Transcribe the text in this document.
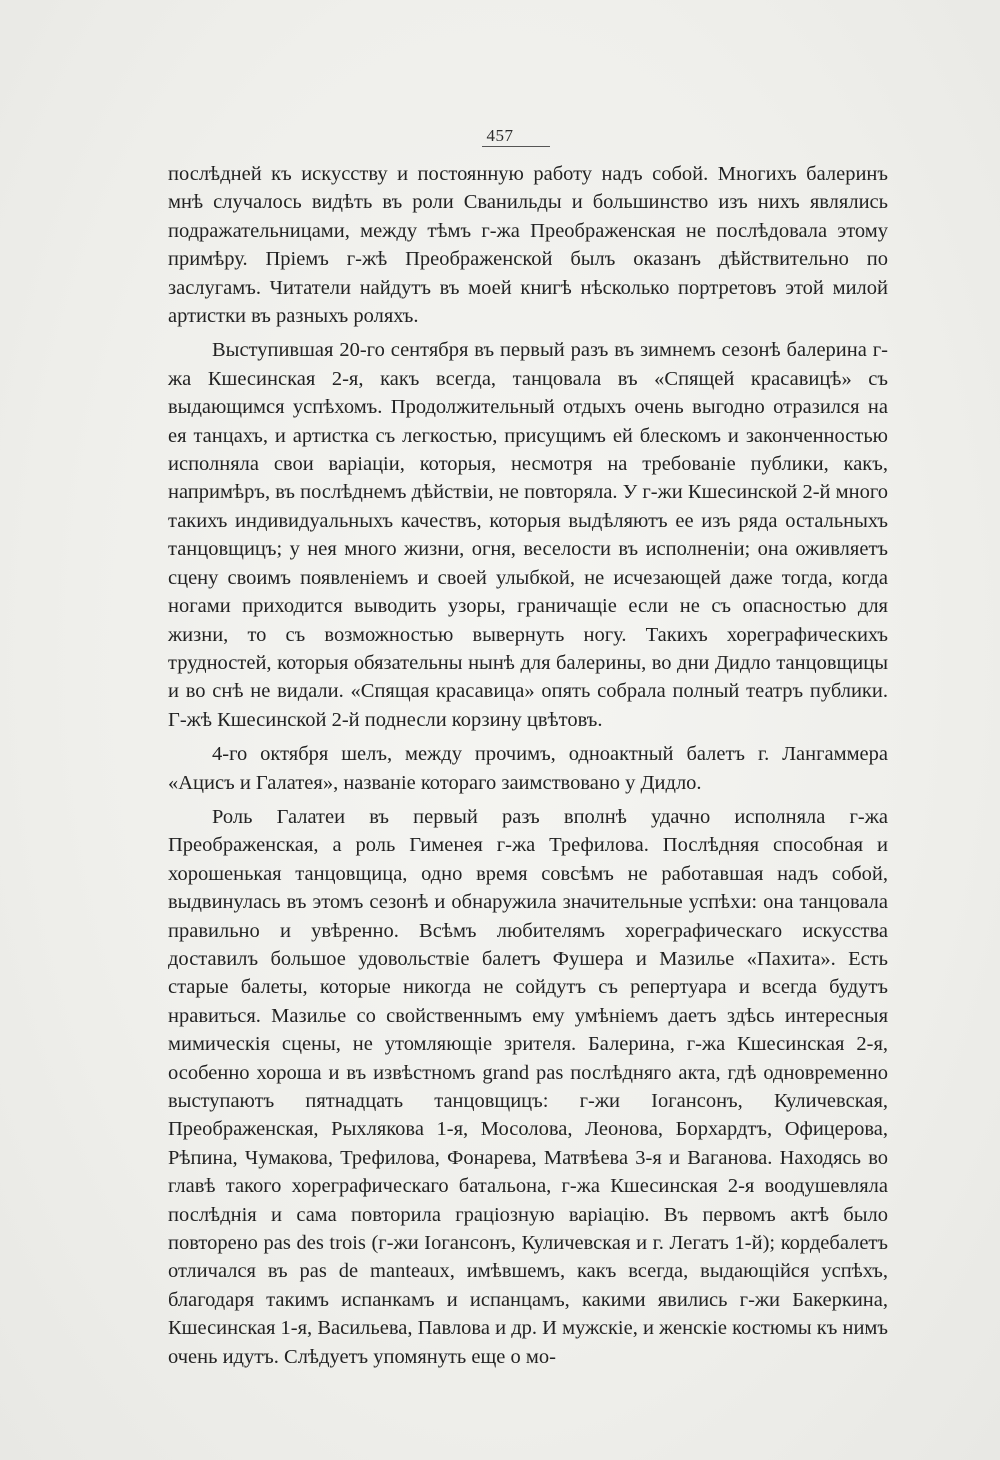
457

послѣдней къ искусству и постоянную работу надъ собой. Многихъ балеринъ мнѣ случалось видѣть въ роли Сванильды и большинство изъ нихъ являлись подражательницами, между тѣмъ г-жа Преображенская не послѣдовала этому примѣру. Пріемъ г-жѣ Преображенской былъ оказанъ дѣйствительно по заслугамъ. Читатели найдутъ въ моей книгѣ нѣсколько портретовъ этой милой артистки въ разныхъ роляхъ.

Выступившая 20-го сентября въ первый разъ въ зимнемъ сезонѣ балерина г-жа Кшесинская 2-я, какъ всегда, танцовала въ «Спящей красавицѣ» съ выдающимся успѣхомъ. Продолжительный отдыхъ очень выгодно отразился на ея танцахъ, и артистка съ легкостью, присущимъ ей блескомъ и законченностью исполняла свои варіаціи, которыя, несмотря на требованіе публики, какъ, напримѣръ, въ послѣднемъ дѣйствіи, не повторяла. У г-жи Кшесинской 2-й много такихъ индивидуальныхъ качествъ, которыя выдѣляютъ ее изъ ряда остальныхъ танцовщицъ; у нея много жизни, огня, веселости въ исполненіи; она оживляетъ сцену своимъ появленіемъ и своей улыбкой, не исчезающей даже тогда, когда ногами приходится выводить узоры, граничащіе если не съ опасностью для жизни, то съ возможностью вывернуть ногу. Такихъ хореграфическихъ трудностей, которыя обязательны нынѣ для балерины, во дни Дидло танцовщицы и во снѣ не видали. «Спящая красавица» опять собрала полный театръ публики. Г-жѣ Кшесинской 2-й поднесли корзину цвѣтовъ.

4-го октября шелъ, между прочимъ, одноактный балетъ г. Лангаммера «Ацисъ и Галатея», названіе котораго заимствовано у Дидло.

Роль Галатеи въ первый разъ вполнѣ удачно исполняла г-жа Преображенская, а роль Гименея г-жа Трефилова. Послѣдняя способная и хорошенькая танцовщица, одно время совсѣмъ не работавшая надъ собой, выдвинулась въ этомъ сезонѣ и обнаружила значительные успѣхи: она танцовала правильно и увѣренно. Всѣмъ любителямъ хореграфическаго искусства доставилъ большое удовольствіе балетъ Фушера и Мазилье «Пахита». Есть старые балеты, которые никогда не сойдутъ съ репертуара и всегда будутъ нравиться. Мазилье со свойственнымъ ему умѣніемъ даетъ здѣсь интересныя мимическія сцены, не утомляющіе зрителя. Балерина, г-жа Кшесинская 2-я, особенно хороша и въ извѣстномъ grand pas послѣдняго акта, гдѣ одновременно выступаютъ пятнадцать танцовщицъ: г-жи Іогансонъ, Куличевская, Преображенская, Рыхлякова 1-я, Мосолова, Леонова, Борхардтъ, Офицерова, Рѣпина, Чумакова, Трефилова, Фонарева, Матвѣева 3-я и Ваганова. Находясь во главѣ такого хореграфическаго батальона, г-жа Кшесинская 2-я воодушевляла послѣднія и сама повторила граціозную варіацію. Въ первомъ актѣ было повторено pas des trois (г-жи Іогансонъ, Куличевская и г. Легатъ 1-й); кордебалетъ отличался въ pas de manteaux, имѣвшемъ, какъ всегда, выдающійся успѣхъ, благодаря такимъ испанкамъ и испанцамъ, какими явились г-жи Бакеркина, Кшесинская 1-я, Васильева, Павлова и др. И мужскіе, и женскіе костюмы къ нимъ очень идутъ. Слѣдуетъ упомянуть еще о мо-
